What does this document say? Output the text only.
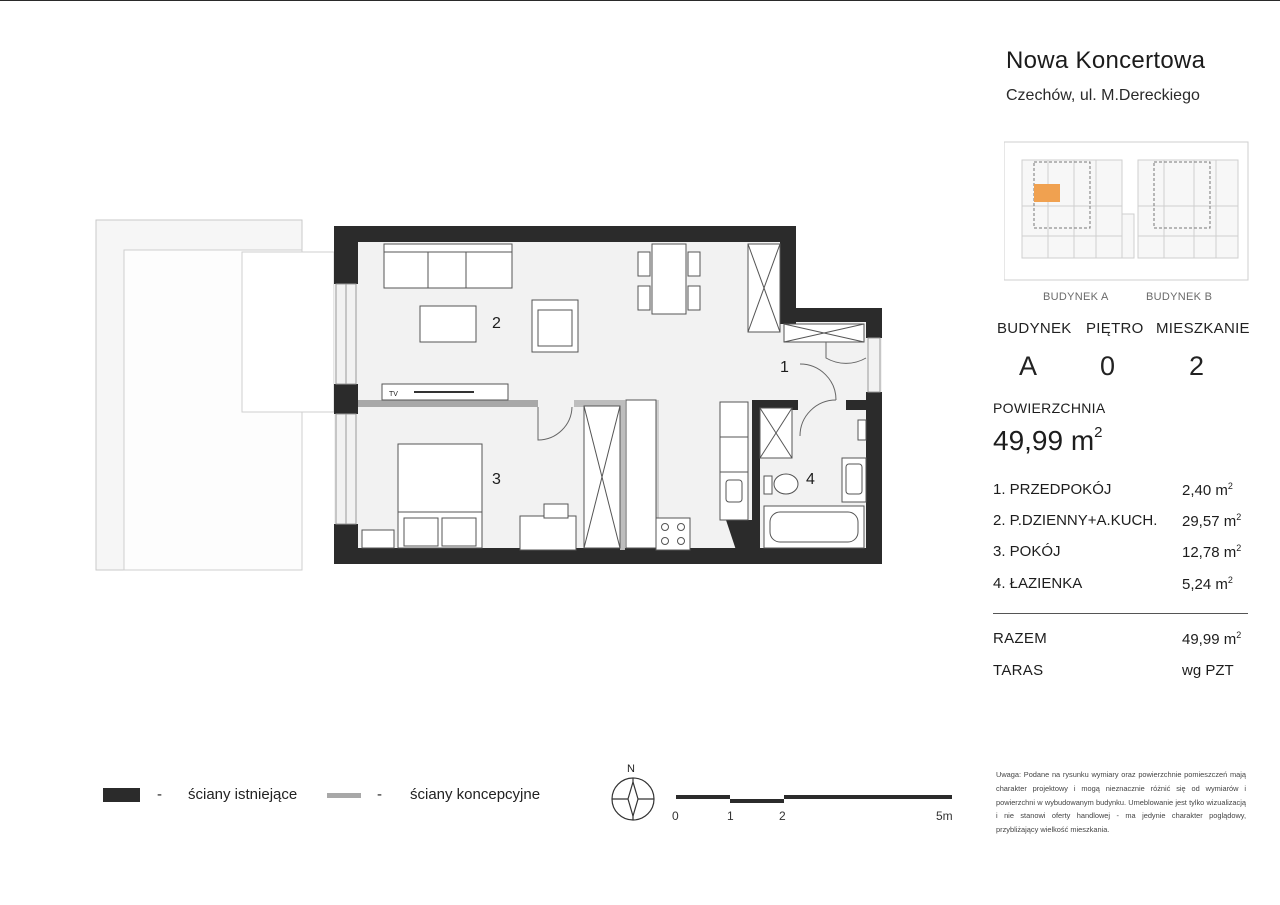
1
2
3	4
TV
N
- ściany istniejące	- ściany koncepcyjne
0	1	2	5m
Nowa Koncertowa
Czechów, ul. M.Dereckiego
BUDYNEK A	BUDYNEK B
BUDYNEK PIĘTRO MIESZKANIE
A 0	2
POWIERZCHNIA
49,99 $m^2$
1. PRZEDPOKÓJ	2,40 $m^2$
2. P.DZIENNY+A.KUCH. 29,57 $m^2$
3. POKÓJ	12,78 $m^2$
4. ŁAZIENKA	5,24 $m^2$
RAZEM	49,99 $m^2$
TARAS	wg PZT
Uwaga: Podane na rysunku wymiary oraz powierzchnie pomieszczeń mają charakter projektowy i mogą nieznacznie różnić się od wymiarów i powierzchni w wybudowanym budynku. Umeblowanie jest tylko wizualizacją i nie stanowi oferty handlowej - ma jedynie charakter poglądowy, przybliżający wielkość mieszkania.
